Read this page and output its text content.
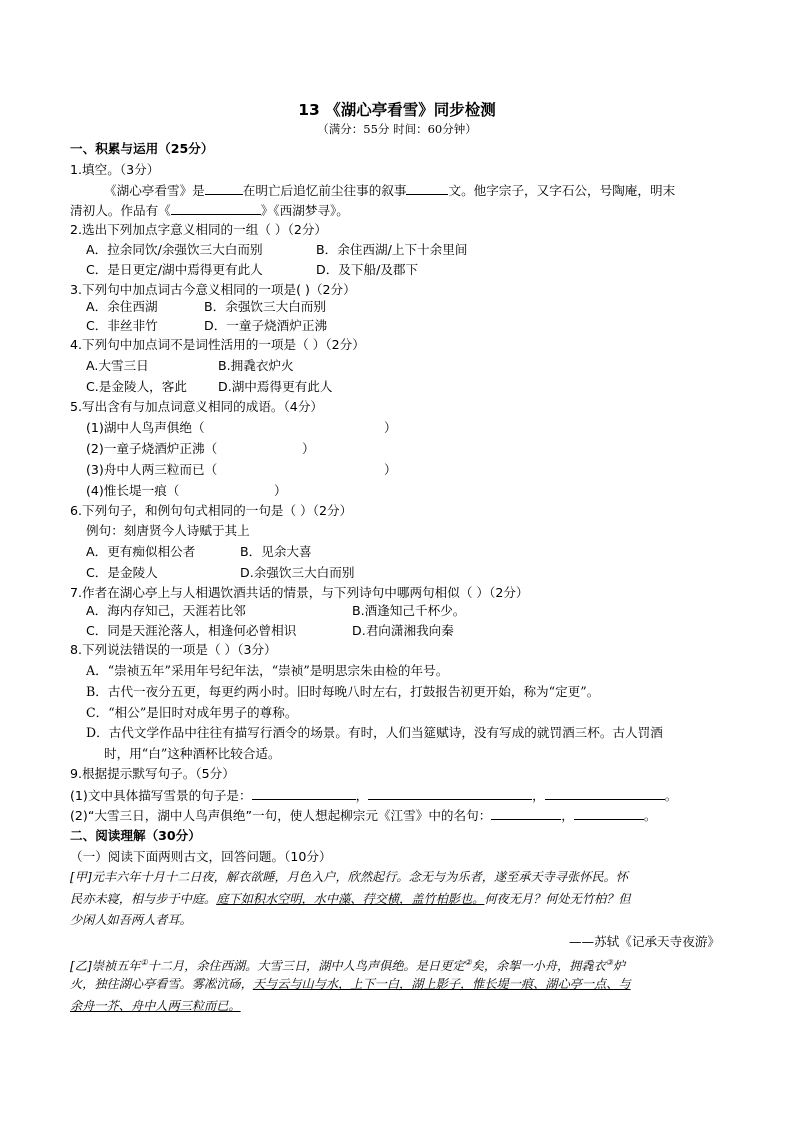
13 《湖心亭看雪》同步检测
（满分：55分 时间：60分钟）
一、积累与运用（25分）
1.填空。（3分）
《湖心亭看雪》是	在明亡后追忆前尘往事的叙事	文。他字宗子，又字石公，号陶庵，明末
清初人。作品有《	》《西湖梦寻》。
2.选出下列加点字意义相同的一组（ ）（2分）
A．拉余同饮/余强饮三大白而别	B．余住西湖/上下十余里间
C．是日更定/湖中焉得更有此人	D．及下船/及郡下
3.下列句中加点词古今意义相同的一项是( )（2分）
A．余住西湖	B．余强饮三大白而别
C．非丝非竹	D．一童子烧酒炉正沸
4.下列句中加点词不是词性活用的一项是（ ）（2分）
A.大雪三日	B.拥毳衣炉火
C.是金陵人，客此 D.湖中焉得更有此人
5.写出含有与加点词意义相同的成语。（4分）
(1)湖中人鸟声俱绝（	）
(2)一童子烧酒炉正沸（	）
(3)舟中人两三粒而已（	）
(4)惟长堤一痕（	）
6.下列句子，和例句句式相同的一句是（ ）（2分）
例句：刻唐贤今人诗赋于其上
A．更有痴似相公者	B．见余大喜
C．是金陵人	D.余强饮三大白而别
7.作者在湖心亭上与人相遇饮酒共话的情景，与下列诗句中哪两句相似（ ）（2分）
A．海内存知己，天涯若比邻	B.酒逢知己千杯少。
C．同是天涯沦落人，相逢何必曾相识	D.君向潇湘我向秦
8.下列说法错误的一项是（ ）（3分）
A．“崇祯五年”采用年号纪年法，“崇祯”是明思宗朱由检的年号。
B．古代一夜分五更，每更约两小时。旧时每晚八时左右，打鼓报告初更开始，称为“定更”。
C．“相公”是旧时对成年男子的尊称。
D．古代文学作品中往往有描写行酒令的场景。有时，人们当筵赋诗，没有写成的就罚酒三杯。古人罚酒
时，用“白”这种酒杯比较合适。
9.根据提示默写句子。（5分）
(1)文中具体描写雪景的句子是：	，	，	。
(2)“大雪三日，湖中人鸟声俱绝”一句，使人想起柳宗元《江雪》中的名句：	，	。
二、阅读理解（30分）
（一）阅读下面两则古文，回答问题。（10分）
[甲]元丰六年十月十二日夜，解衣欲睡，月色入户，欣然起行。念无与为乐者，遂至承天寺寻张怀民。怀
民亦未寝，相与步于中庭。庭下如积水空明，水中藻、荇交横，盖竹柏影也。何夜无月？何处无竹柏？但
少闲人如吾两人者耳。
——苏轼《记承天寺夜游》
[乙]崇祯五年①十二月，余住西湖。大雪三日，湖中人鸟声俱绝。是日更定②矣，余挐一小舟，拥毳衣③炉
火，独往湖心亭看雪。雾凇沆砀，天与云与山与水，上下一白，湖上影子，惟长堤一痕、湖心亭一点、与
余舟一芥、舟中人两三粒而已。
